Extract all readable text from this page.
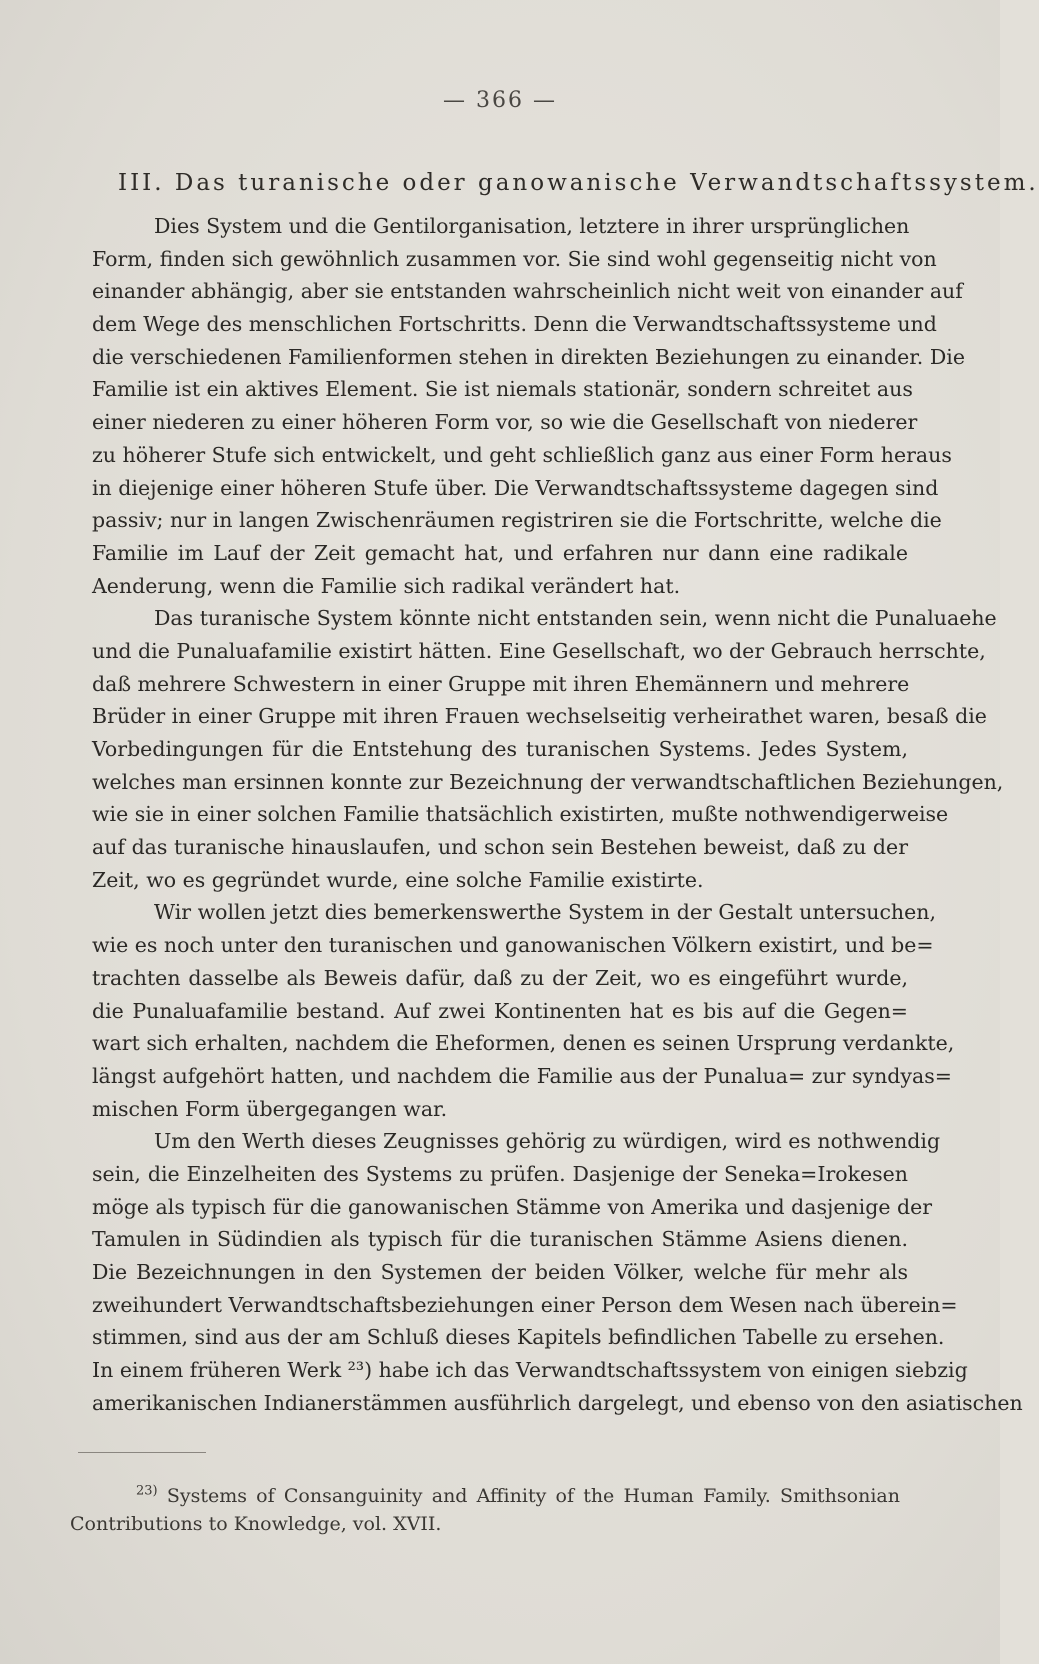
— 366 —
III. Das turanische oder ganowanische Verwandtschaftssystem.
Dies System und die Gentilorganisation, letztere in ihrer ursprünglichen
Form, finden sich gewöhnlich zusammen vor. Sie sind wohl gegenseitig nicht von
einander abhängig, aber sie entstanden wahrscheinlich nicht weit von einander auf
dem Wege des menschlichen Fortschritts. Denn die Verwandtschaftssysteme und
die verschiedenen Familienformen stehen in direkten Beziehungen zu einander. Die
Familie ist ein aktives Element. Sie ist niemals stationär, sondern schreitet aus
einer niederen zu einer höheren Form vor, so wie die Gesellschaft von niederer
zu höherer Stufe sich entwickelt, und geht schließlich ganz aus einer Form heraus
in diejenige einer höheren Stufe über. Die Verwandtschaftssysteme dagegen sind
passiv; nur in langen Zwischenräumen registriren sie die Fortschritte, welche die
Familie im Lauf der Zeit gemacht hat, und erfahren nur dann eine radikale
Aenderung, wenn die Familie sich radikal verändert hat.
Das turanische System könnte nicht entstanden sein, wenn nicht die Punaluaehe
und die Punaluafamilie existirt hätten. Eine Gesellschaft, wo der Gebrauch herrschte,
daß mehrere Schwestern in einer Gruppe mit ihren Ehemännern und mehrere
Brüder in einer Gruppe mit ihren Frauen wechselseitig verheirathet waren, besaß die
Vorbedingungen für die Entstehung des turanischen Systems. Jedes System,
welches man ersinnen konnte zur Bezeichnung der verwandtschaftlichen Beziehungen,
wie sie in einer solchen Familie thatsächlich existirten, mußte nothwendigerweise
auf das turanische hinauslaufen, und schon sein Bestehen beweist, daß zu der
Zeit, wo es gegründet wurde, eine solche Familie existirte.
Wir wollen jetzt dies bemerkenswerthe System in der Gestalt untersuchen,
wie es noch unter den turanischen und ganowanischen Völkern existirt, und be=
trachten dasselbe als Beweis dafür, daß zu der Zeit, wo es eingeführt wurde,
die Punaluafamilie bestand. Auf zwei Kontinenten hat es bis auf die Gegen=
wart sich erhalten, nachdem die Eheformen, denen es seinen Ursprung verdankte,
längst aufgehört hatten, und nachdem die Familie aus der Punalua= zur syndyas=
mischen Form übergegangen war.
Um den Werth dieses Zeugnisses gehörig zu würdigen, wird es nothwendig
sein, die Einzelheiten des Systems zu prüfen. Dasjenige der Seneka=Irokesen
möge als typisch für die ganowanischen Stämme von Amerika und dasjenige der
Tamulen in Südindien als typisch für die turanischen Stämme Asiens dienen.
Die Bezeichnungen in den Systemen der beiden Völker, welche für mehr als
zweihundert Verwandtschaftsbeziehungen einer Person dem Wesen nach überein=
stimmen, sind aus der am Schluß dieses Kapitels befindlichen Tabelle zu ersehen.
In einem früheren Werk ²³) habe ich das Verwandtschaftssystem von einigen siebzig
amerikanischen Indianerstämmen ausführlich dargelegt, und ebenso von den asiatischen
$^{23)}$ Systems of Consanguinity and Affinity of the Human Family. Smithsonian
Contributions to Knowledge, vol. XVII.
